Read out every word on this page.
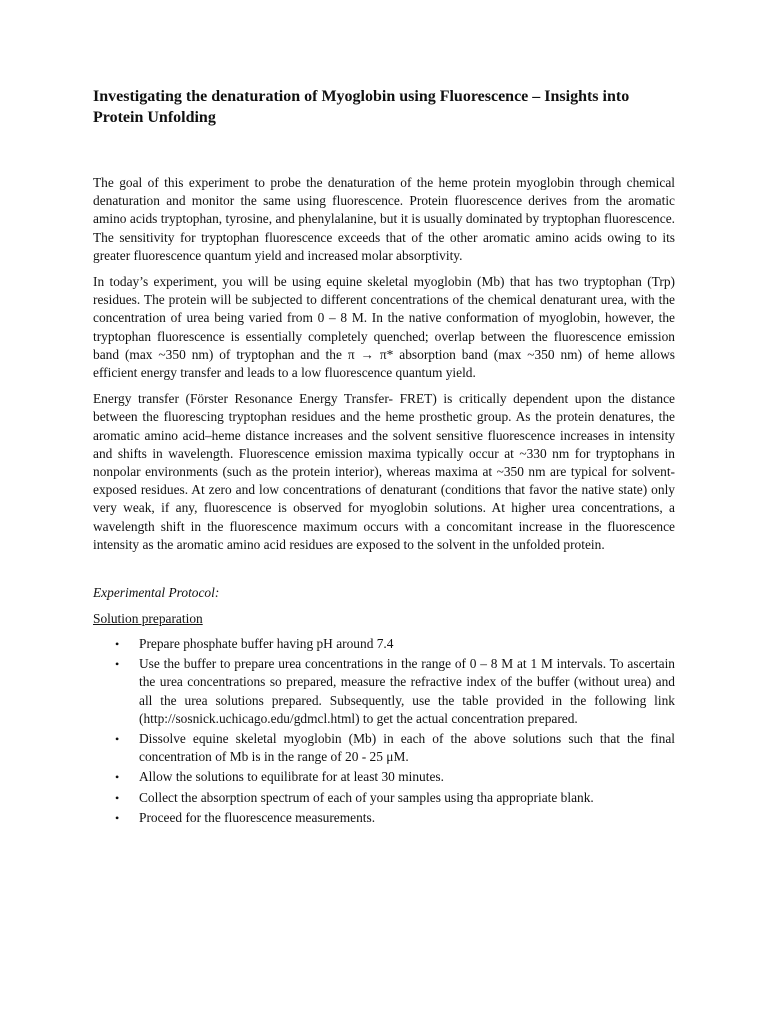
Investigating the denaturation of Myoglobin using Fluorescence – Insights into Protein Unfolding

The goal of this experiment to probe the denaturation of the heme protein myoglobin through chemical denaturation and monitor the same using fluorescence. Protein fluorescence derives from the aromatic amino acids tryptophan, tyrosine, and phenylalanine, but it is usually dominated by tryptophan fluorescence. The sensitivity for tryptophan fluorescence exceeds that of the other aromatic amino acids owing to its greater fluorescence quantum yield and increased molar absorptivity.

In today’s experiment, you will be using equine skeletal myoglobin (Mb) that has two tryptophan (Trp) residues. The protein will be subjected to different concentrations of the chemical denaturant urea, with the concentration of urea being varied from 0 – 8 M. In the native conformation of myoglobin, however, the tryptophan fluorescence is essentially completely quenched; overlap between the fluorescence emission band (max ~350 nm) of tryptophan and the π → π* absorption band (max ~350 nm) of heme allows efficient energy transfer and leads to a low fluorescence quantum yield.

Energy transfer (Förster Resonance Energy Transfer- FRET) is critically dependent upon the distance between the fluorescing tryptophan residues and the heme prosthetic group. As the protein denatures, the aromatic amino acid–heme distance increases and the solvent sensitive fluorescence increases in intensity and shifts in wavelength. Fluorescence emission maxima typically occur at ~330 nm for tryptophans in nonpolar environments (such as the protein interior), whereas maxima at ~350 nm are typical for solvent-exposed residues. At zero and low concentrations of denaturant (conditions that favor the native state) only very weak, if any, fluorescence is observed for myoglobin solutions. At higher urea concentrations, a wavelength shift in the fluorescence maximum occurs with a concomitant increase in the fluorescence intensity as the aromatic amino acid residues are exposed to the solvent in the unfolded protein.

Experimental Protocol:
Solution preparation
• Prepare phosphate buffer having pH around 7.4
• Use the buffer to prepare urea concentrations in the range of 0 – 8 M at 1 M intervals. To ascertain the urea concentrations so prepared, measure the refractive index of the buffer (without urea) and all the urea solutions prepared. Subsequently, use the table provided in the following link (http://sosnick.uchicago.edu/gdmcl.html) to get the actual concentration prepared.
• Dissolve equine skeletal myoglobin (Mb) in each of the above solutions such that the final concentration of Mb is in the range of 20 - 25 μM.
• Allow the solutions to equilibrate for at least 30 minutes.
• Collect the absorption spectrum of each of your samples using tha appropriate blank.
• Proceed for the fluorescence measurements.
